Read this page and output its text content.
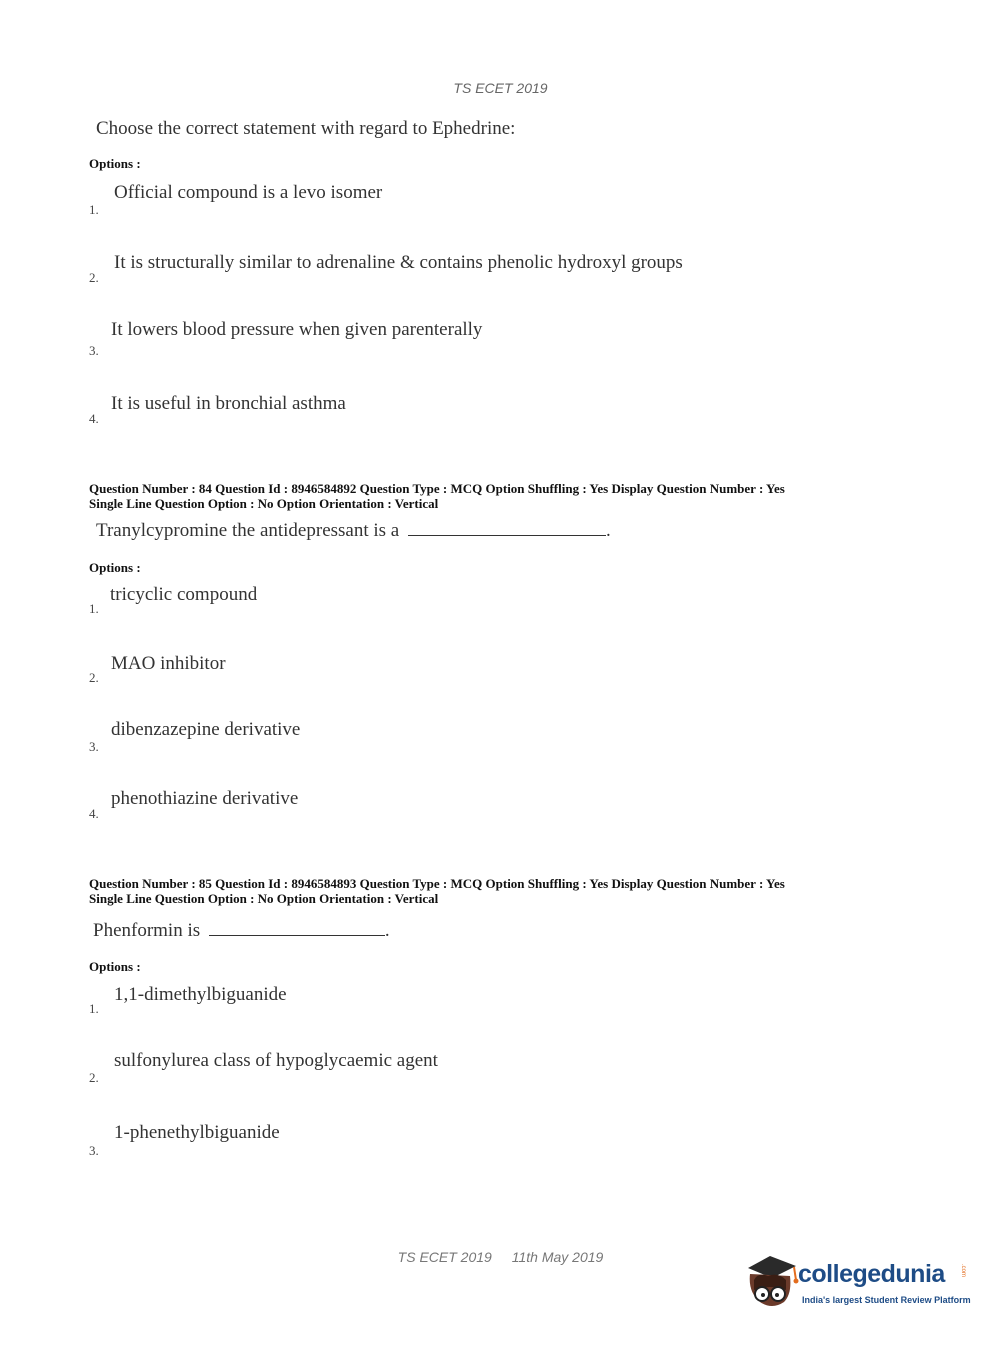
TS ECET 2019
Choose the correct statement with regard to Ephedrine:
Options :
Official compound is a levo isomer
1.
It is structurally similar to adrenaline & contains phenolic hydroxyl groups
2.
It lowers blood pressure when given parenterally
3.
It is useful in bronchial asthma
4.
Question Number : 84 Question Id : 8946584892 Question Type : MCQ Option Shuffling : Yes Display Question Number : Yes
Single Line Question Option : No Option Orientation : Vertical
Tranylcypromine the antidepressant is a	.
Options :
tricyclic compound
1.
MAO inhibitor
2.
dibenzazepine derivative
3.
phenothiazine derivative
4.
Question Number : 85 Question Id : 8946584893 Question Type : MCQ Option Shuffling : Yes Display Question Number : Yes
Single Line Question Option : No Option Orientation : Vertical
Phenformin is	.
Options :
1,1-dimethylbiguanide
1.
sulfonylurea class of hypoglycaemic agent
2.
1-phenethylbiguanide
3.
TS ECET 2019 11th May 2019
collegedunia	.com
India's largest Student Review Platform
